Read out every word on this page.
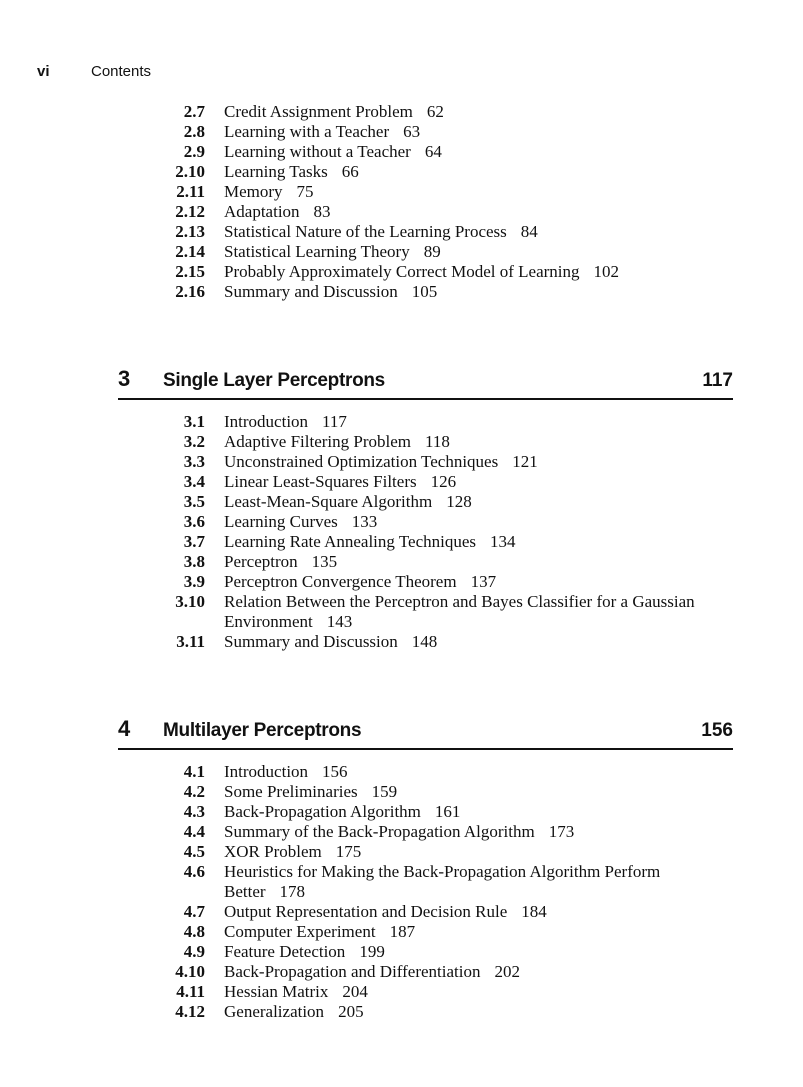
vi	Contents
2.7 Credit Assignment Problem 62
2.8 Learning with a Teacher 63
2.9 Learning without a Teacher 64
2.10 Learning Tasks 66
2.11 Memory 75
2.12 Adaptation 83
2.13 Statistical Nature of the Learning Process 84
2.14 Statistical Learning Theory 89
2.15 Probably Approximately Correct Model of Learning 102
2.16 Summary and Discussion 105
3 Single Layer Perceptrons	117
3.1 Introduction 117
3.2 Adaptive Filtering Problem 118
3.3 Unconstrained Optimization Techniques 121
3.4 Linear Least-Squares Filters 126
3.5 Least-Mean-Square Algorithm 128
3.6 Learning Curves 133
3.7 Learning Rate Annealing Techniques 134
3.8 Perceptron 135
3.9 Perceptron Convergence Theorem 137
3.10 Relation Between the Perceptron and Bayes Classifier for a Gaussian
Environment 143
3.11 Summary and Discussion 148
4 Multilayer Perceptrons	156
4.1 Introduction 156
4.2 Some Preliminaries 159
4.3 Back-Propagation Algorithm 161
4.4 Summary of the Back-Propagation Algorithm 173
4.5 XOR Problem 175
4.6 Heuristics for Making the Back-Propagation Algorithm Perform
Better 178
4.7 Output Representation and Decision Rule 184
4.8 Computer Experiment 187
4.9 Feature Detection 199
4.10 Back-Propagation and Differentiation 202
4.11 Hessian Matrix 204
4.12 Generalization 205
